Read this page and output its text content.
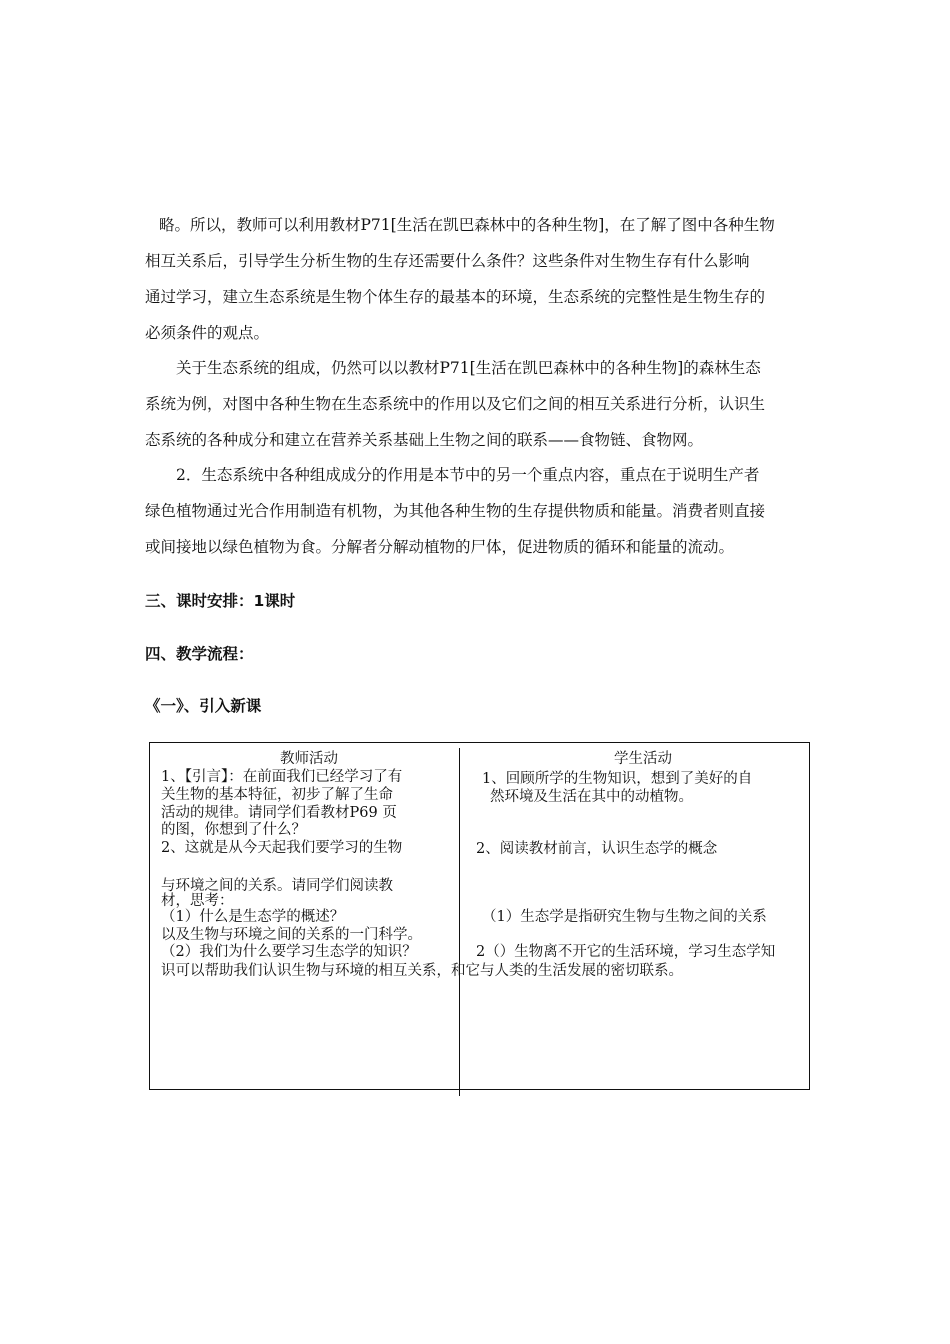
略。所以，教师可以利用教材P71[生活在凯巴森林中的各种生物]，在了解了图中各种生物
相互关系后，引导学生分析生物的生存还需要什么条件？这些条件对生物生存有什么影响
通过学习，建立生态系统是生物个体生存的最基本的环境，生态系统的完整性是生物生存的
必须条件的观点。
关于生态系统的组成，仍然可以以教材P71[生活在凯巴森林中的各种生物]的森林生态
系统为例，对图中各种生物在生态系统中的作用以及它们之间的相互关系进行分析，认识生
态系统的各种成分和建立在营养关系基础上生物之间的联系——食物链、食物网。
2．生态系统中各种组成成分的作用是本节中的另一个重点内容，重点在于说明生产者
绿色植物通过光合作用制造有机物，为其他各种生物的生存提供物质和能量。消费者则直接
或间接地以绿色植物为食。分解者分解动植物的尸体，促进物质的循环和能量的流动。

三、课时安排：1课时

四、教学流程：

《一》、引入新课

教师活动	学生活动

1、【引言】：在前面我们已经学习了有

关生物的基本特征，初步了解了生命

活动的规律。请同学们看教材P69 页

的图，你想到了什么？

2、这就是从今天起我们要学习的生物

与环境之间的关系。请同学们阅读教

材，思考：

（1）什么是生态学的概述？

以及生物与环境之间的关系的一门科学。

（2）我们为什么要学习生态学的知识？

识可以帮助我们认识生物与环境的相互关系，和它与人类的生活发展的密切联系。

1、回顾所学的生物知识，想到了美好的自

然环境及生活在其中的动植物。

2、阅读教材前言，认识生态学的概念

（1）生态学是指研究生物与生物之间的关系

2（）生物离不开它的生活环境，学习生态学知
